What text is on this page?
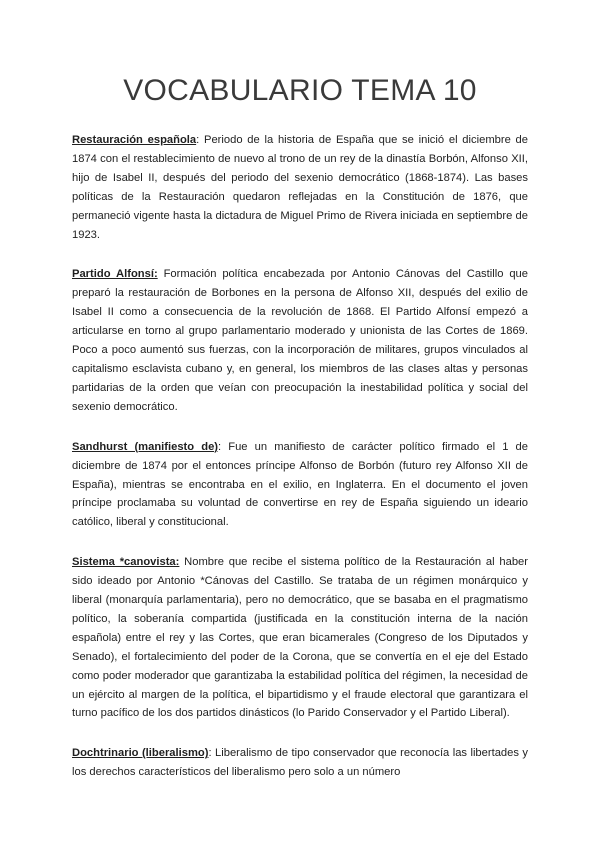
VOCABULARIO TEMA 10

Restauración española: Periodo de la historia de España que se inició el diciembre de 1874 con el restablecimiento de nuevo al trono de un rey de la dinastía Borbón, Alfonso XII, hijo de Isabel II, después del periodo del sexenio democrático (1868-1874). Las bases políticas de la Restauración quedaron reflejadas en la Constitución de 1876, que permaneció vigente hasta la dictadura de Miguel Primo de Rivera iniciada en septiembre de 1923.

Partido Alfonsí: Formación política encabezada por Antonio Cánovas del Castillo que preparó la restauración de Borbones en la persona de Alfonso XII, después del exilio de Isabel II como a consecuencia de la revolución de 1868. El Partido Alfonsí empezó a articularse en torno al grupo parlamentario moderado y unionista de las Cortes de 1869. Poco a poco aumentó sus fuerzas, con la incorporación de militares, grupos vinculados al capitalismo esclavista cubano y, en general, los miembros de las clases altas y personas partidarias de la orden que veían con preocupación la inestabilidad política y social del sexenio democrático.

Sandhurst (manifiesto de): Fue un manifiesto de carácter político firmado el 1 de diciembre de 1874 por el entonces príncipe Alfonso de Borbón (futuro rey Alfonso XII de España), mientras se encontraba en el exilio, en Inglaterra. En el documento el joven príncipe proclamaba su voluntad de convertirse en rey de España siguiendo un ideario católico, liberal y constitucional.

Sistema *canovista: Nombre que recibe el sistema político de la Restauración al haber sido ideado por Antonio *Cánovas del Castillo. Se trataba de un régimen monárquico y liberal (monarquía parlamentaria), pero no democrático, que se basaba en el pragmatismo político, la soberanía compartida (justificada en la constitución interna de la nación española) entre el rey y las Cortes, que eran bicamerales (Congreso de los Diputados y Senado), el fortalecimiento del poder de la Corona, que se convertía en el eje del Estado como poder moderador que garantizaba la estabilidad política del régimen, la necesidad de un ejército al margen de la política, el bipartidismo y el fraude electoral que garantizara el turno pacífico de los dos partidos dinásticos (lo Parido Conservador y el Partido Liberal).

Dochtrinario (liberalismo): Liberalismo de tipo conservador que reconocía las libertades y los derechos característicos del liberalismo pero solo a un número
